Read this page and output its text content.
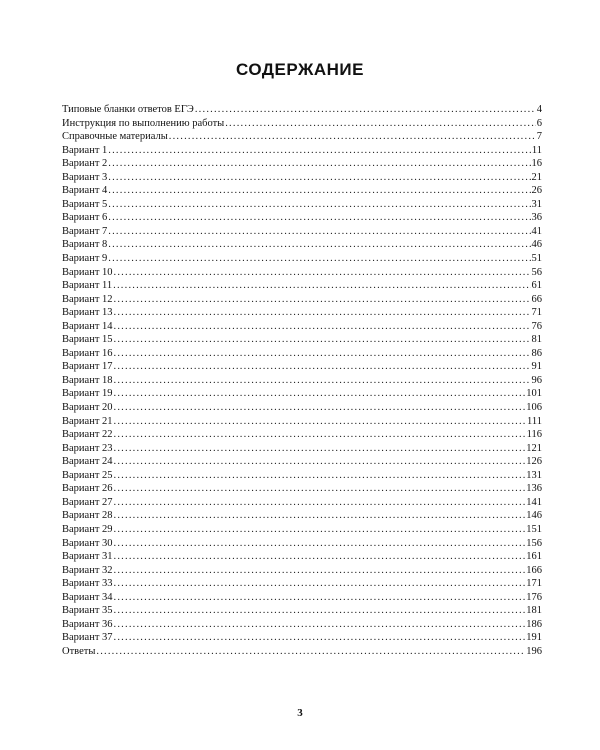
СОДЕРЖАНИЕ
Типовые бланки ответов ЕГЭ .....	4
Инструкция по выполнению работы .....	6
Справочные материалы .....	7
Вариант 1 .....	11
Вариант 2 .....	16
Вариант 3 .....	21
Вариант 4 .....	26
Вариант 5 .....	31
Вариант 6 .....	36
Вариант 7 .....	41
Вариант 8 .....	46
Вариант 9 .....	51
Вариант 10 .....	56
Вариант 11 .....	61
Вариант 12 .....	66
Вариант 13 .....	71
Вариант 14 .....	76
Вариант 15 .....	81
Вариант 16 .....	86
Вариант 17 .....	91
Вариант 18 .....	96
Вариант 19 .....	101
Вариант 20 .....	106
Вариант 21 .....	111
Вариант 22 .....	116
Вариант 23 .....	121
Вариант 24 .....	126
Вариант 25 .....	131
Вариант 26 .....	136
Вариант 27 .....	141
Вариант 28 .....	146
Вариант 29 .....	151
Вариант 30 .....	156
Вариант 31 .....	161
Вариант 32 .....	166
Вариант 33 .....	171
Вариант 34 .....	176
Вариант 35 .....	181
Вариант 36 .....	186
Вариант 37 .....	191
Ответы .....	196
3
